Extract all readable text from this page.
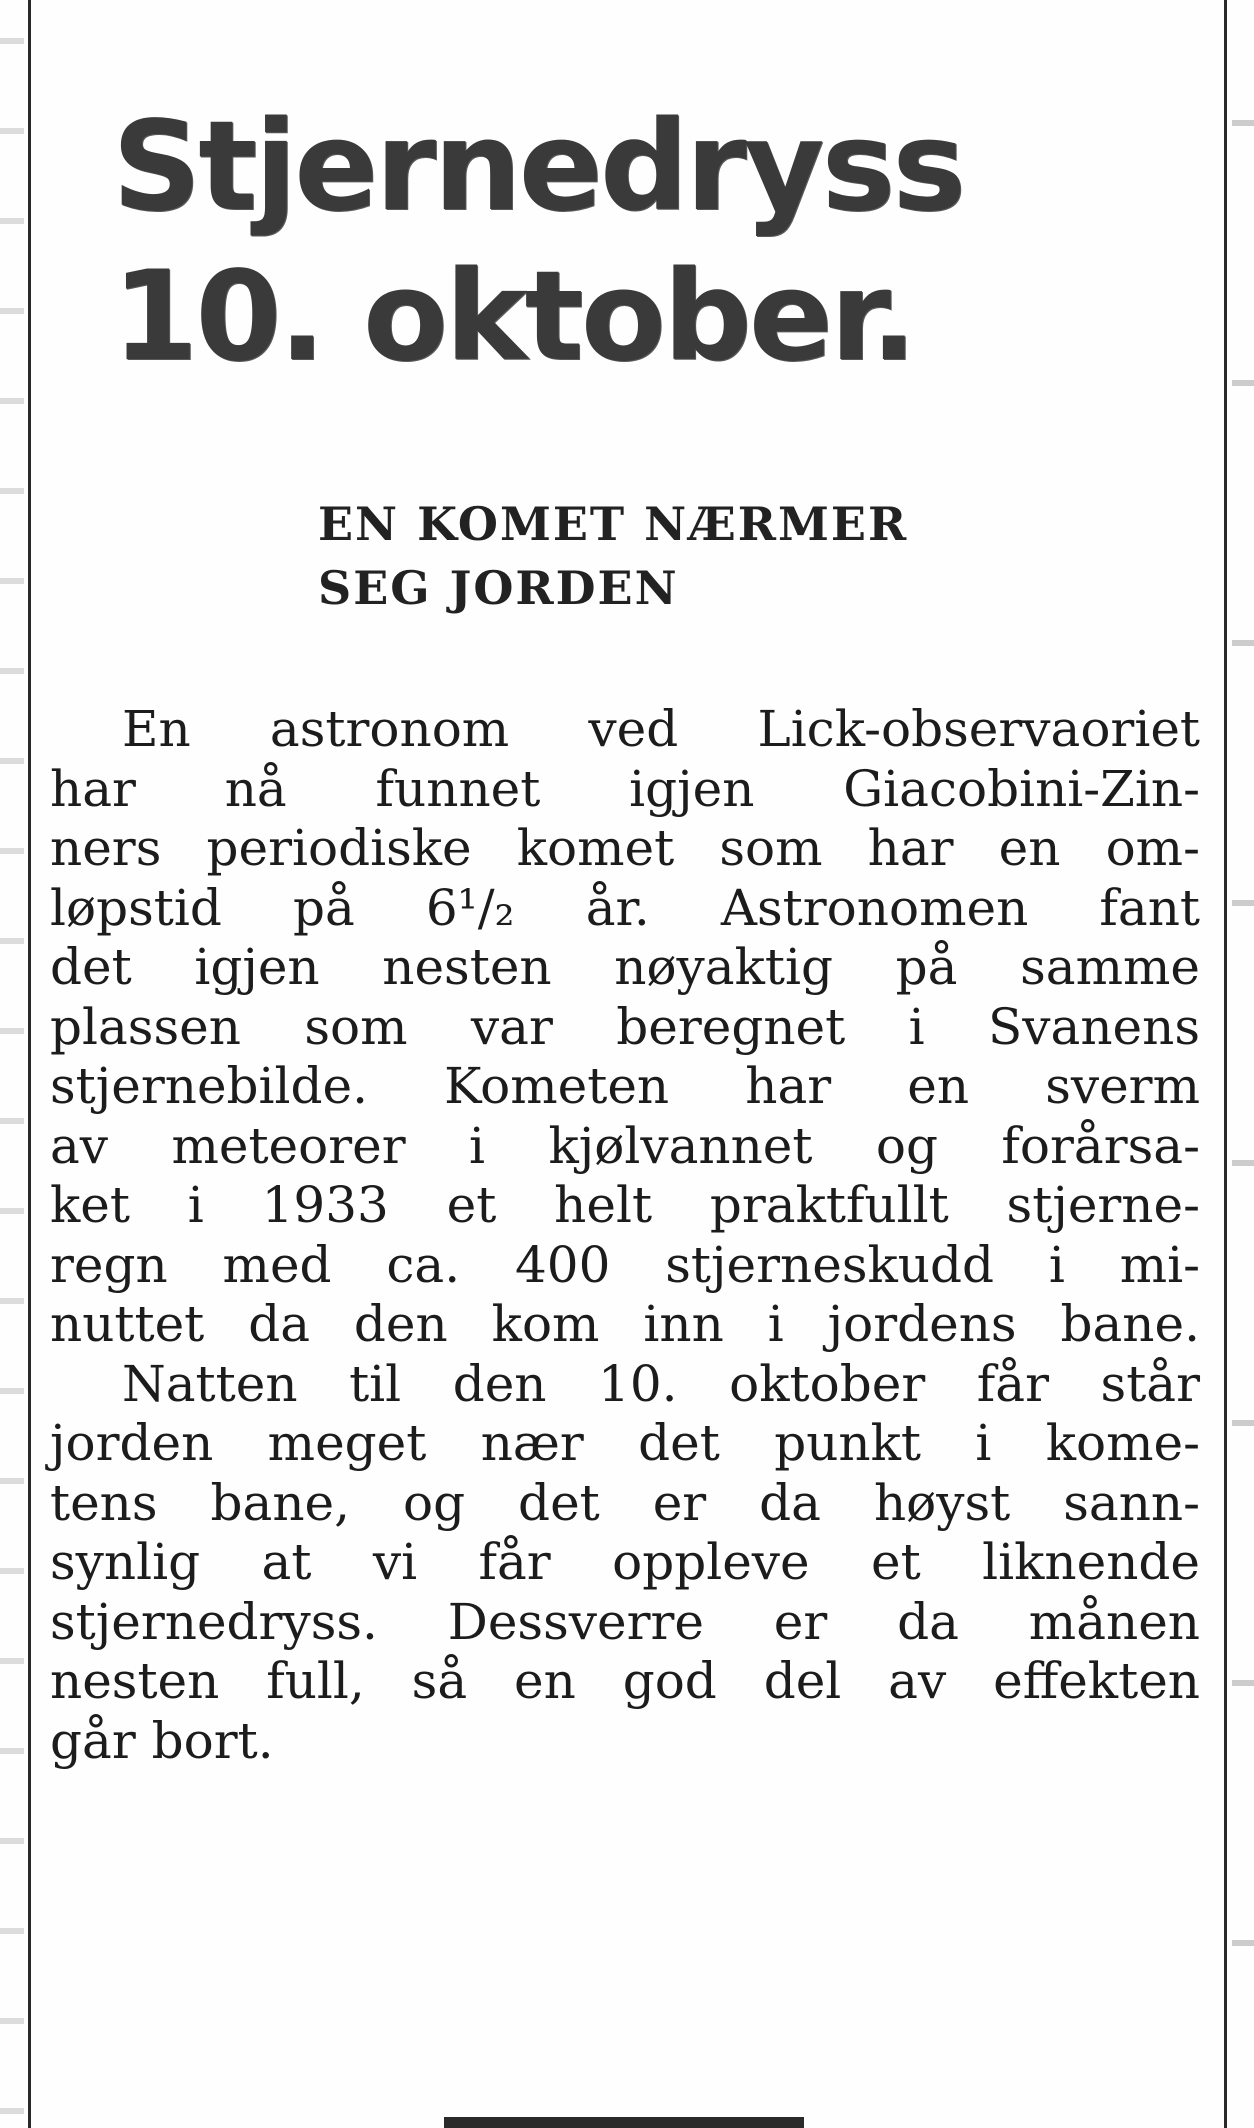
Stjernedryss
10. oktober.
EN KOMET NÆRMER
SEG JORDEN
En astronom ved Lick-observaoriet
har nå funnet igjen Giacobini-Zin-
ners periodiske komet som har en om-
løpstid på 6¹/₂ år. Astronomen fant
det igjen nesten nøyaktig på samme
plassen som var beregnet i Svanens
stjernebilde. Kometen har en sverm
av meteorer i kjølvannet og forårsa-
ket i 1933 et helt praktfullt stjerne-
regn med ca. 400 stjerneskudd i mi-
nuttet da den kom inn i jordens bane.
Natten til den 10. oktober får står
jorden meget nær det punkt i kome-
tens bane, og det er da høyst sann-
synlig at vi får oppleve et liknende
stjernedryss. Dessverre er da månen
nesten full, så en god del av effekten
går bort.
